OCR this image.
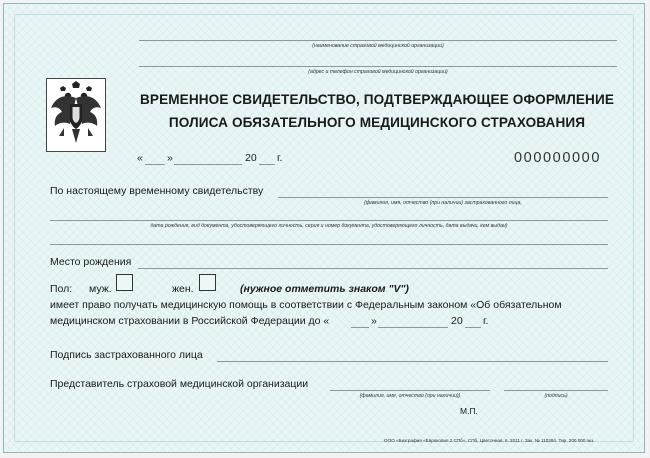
(наименование страховой медицинской организации)
(адрес и телефон страховой медицинской организации)
ВРЕМЕННОЕ СВИДЕТЕЛЬСТВО, ПОДТВЕРЖДАЮЩЕЕ ОФОРМЛЕНИЕ
ПОЛИСА ОБЯЗАТЕЛЬНОГО МЕДИЦИНСКОГО СТРАХОВАНИЯ
« »	20 г.	000000000
По настоящему временному свидетельству
(фамилия, имя, отчество (при наличии) застрахованного лица,
дата рождения, вид документа, удостоверяющего личность, серия и номер документа, удостоверяющего личность, дата выдачи, кем выдан)
Место рождения
Пол: муж.	жен.	(нужное отметить знаком "V")
имеет право получать медицинскую помощь в соответствии с Федеральным законом «Об обязательном
медицинском страховании в Российской Федерации до «	»	20 г.
Подпись застрахованного лица
Представитель страховой медицинской организации
(фамилия, имя, отчество (при наличии))	(подпись)
М.П.
ООО «Бизграфия «Еврокопия 2 СПб», СПб, Цветочная, 6. 2011 г. Зак. № 110284. Тир. 200 000 экз.
